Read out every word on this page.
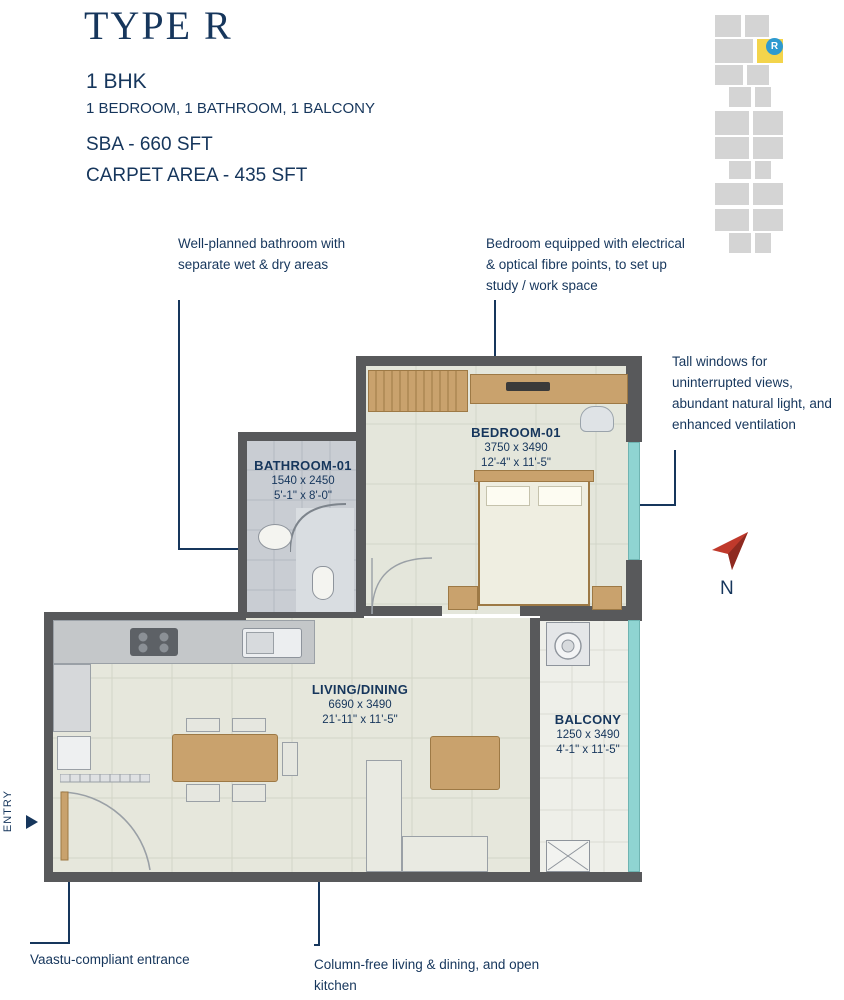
TYPE R
1 BHK
1 BEDROOM, 1 BATHROOM, 1 BALCONY
SBA - 660 SFT
CARPET AREA - 435 SFT
R
Well-planned bathroom with separate wet & dry areas
Bedroom equipped with electrical & optical fibre points, to set up study / work space
Tall windows for uninterrupted views, abundant natural light, and enhanced ventilation
Vaastu-compliant entrance	Column-free living & dining, and open kitchen
N
BEDROOM-01
3750 x 3490
12'-4" x 11'-5"
BATHROOM-01
1540 x 2450
5'-1" x 8'-0"
LIVING/DINING
6690 x 3490
21'-11" x 11'-5"	BALCONY
1250 x 3490
4'-1" x 11'-5"
ENTRY
